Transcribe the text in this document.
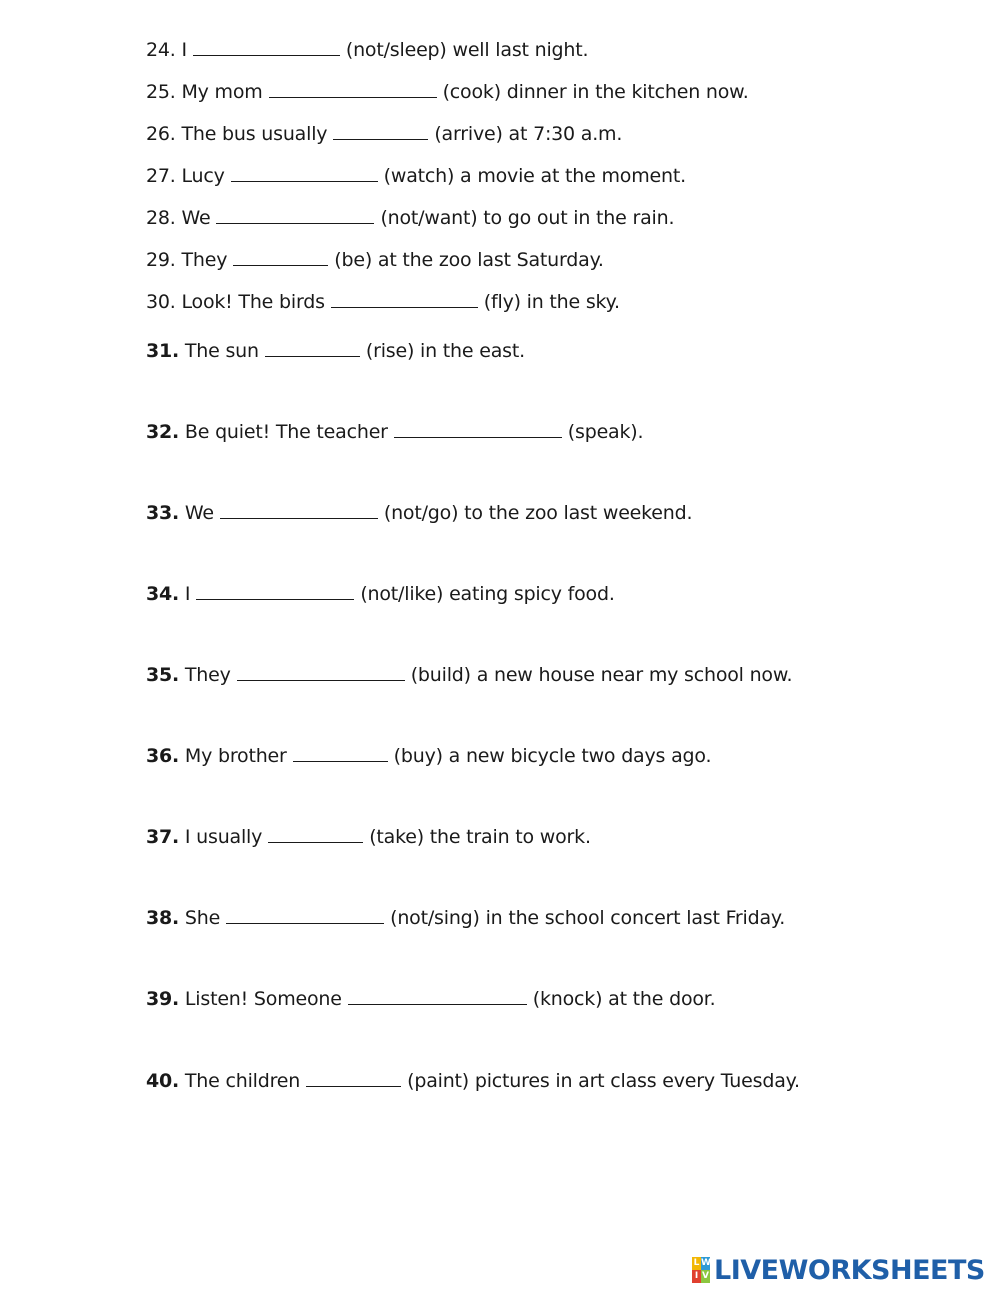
L W
I V LIVEWORKSHEETS
24. I	(not/sleep) well last night.
25. My mom	(cook) dinner in the kitchen now.
26. The bus usually	(arrive) at 7:30 a.m.
27. Lucy	(watch) a movie at the moment.
28. We	(not/want) to go out in the rain.
29. They	(be) at the zoo last Saturday.
30. Look! The birds	(fly) in the sky.
31. The sun	(rise) in the east.
32. Be quiet! The teacher	(speak).
33. We	(not/go) to the zoo last weekend.
34. I	(not/like) eating spicy food.
35. They	(build) a new house near my school now.
36. My brother	(buy) a new bicycle two days ago.
37. I usually	(take) the train to work.
38. She	(not/sing) in the school concert last Friday.
39. Listen! Someone	(knock) at the door.
40. The children	(paint) pictures in art class every Tuesday.
